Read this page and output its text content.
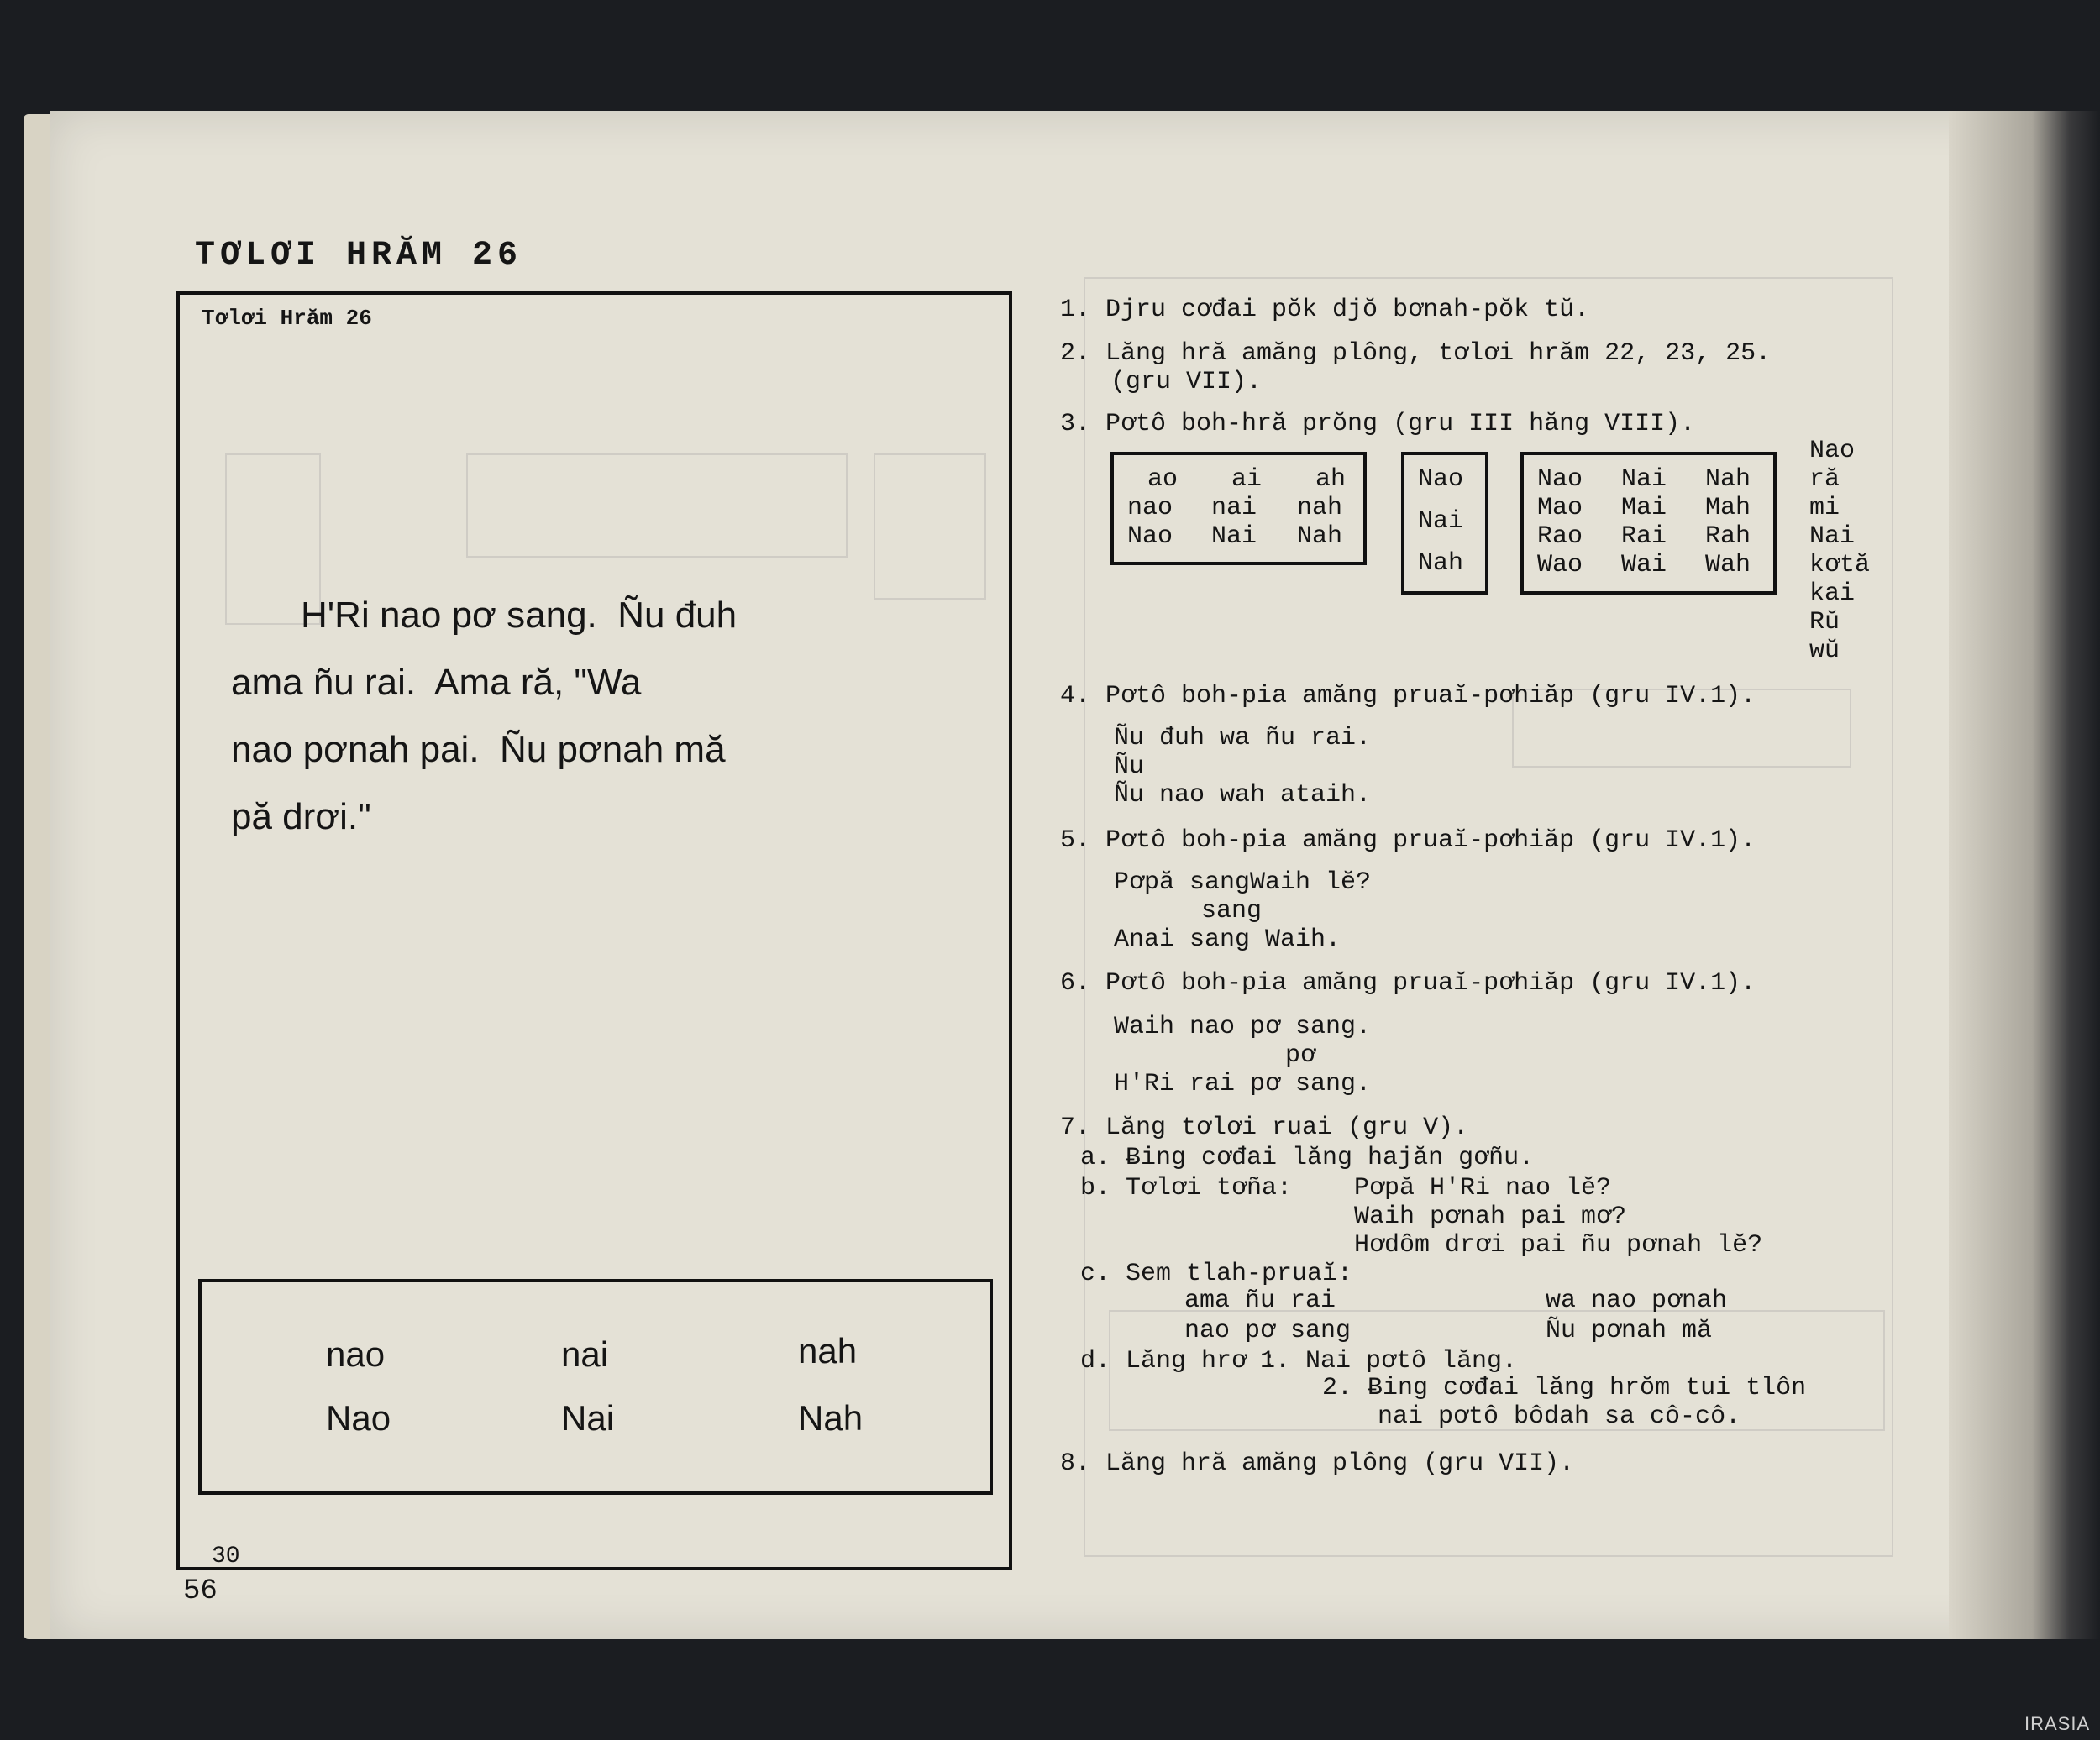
TƠLƠI HRĂM 26
Tơlơi Hrăm 26
H'Ri nao pơ sang.  Ñu đuh
ama ñu rai.  Ama ră, "Wa
nao pơnah pai.  Ñu pơnah mă
pă drơi."
nao	nai	nah
Nao	Nai	Nah
30
56
1. Djru cơđai pŏk djŏ bơnah-pŏk tŭ.
2. Lăng hră amăng plông, tơlơi hrăm 22, 23, 25.
(gru VII).
3. Pơtô boh-hră prŏng (gru III hăng VIII).
ao ai ah
nao nai nah
Nao Nai Nah
Nao
Nai
Nah
Nao Nai Nah
Mao Mai Mah
Rao Rai Rah
Wao Wai Wah
Nao
ră
mi
Nai
kơtă
kai
Rŭ
wŭ
4. Pơtô boh-pia amăng pruaĭ-pơhiăp (gru IV.1).
Ñu đuh wa ñu rai.
Ñu
Ñu nao wah ataih.
5. Pơtô boh-pia amăng pruaĭ-pơhiăp (gru IV.1).
Pơpă sangWaih lĕ?
sang
Anai sang Waih.
6. Pơtô boh-pia amăng pruaĭ-pơhiăp (gru IV.1).
Waih nao pơ sang.
pơ
H'Ri rai pơ sang.
7. Lăng tơlơi ruai (gru V).
a. Ƀing cơđai lăng hajăn gơñu.
b. Tơlơi tơña: Pơpă H'Ri nao lĕ?
Waih pơnah pai mơ?
Hơdôm drơi pai ñu pơnah lĕ?
c. Sem tlah-pruaĭ:
ama ñu rai	wa nao pơnah
nao pơ sang	Ñu pơnah mă
d. Lăng hrơ :
1. Nai pơtô lăng.
2. Ƀing cơđai lăng hrŏm tui tlôn
nai pơtô bôdah sa cô-cô.
8. Lăng hră amăng plông (gru VII).
IRASIA
